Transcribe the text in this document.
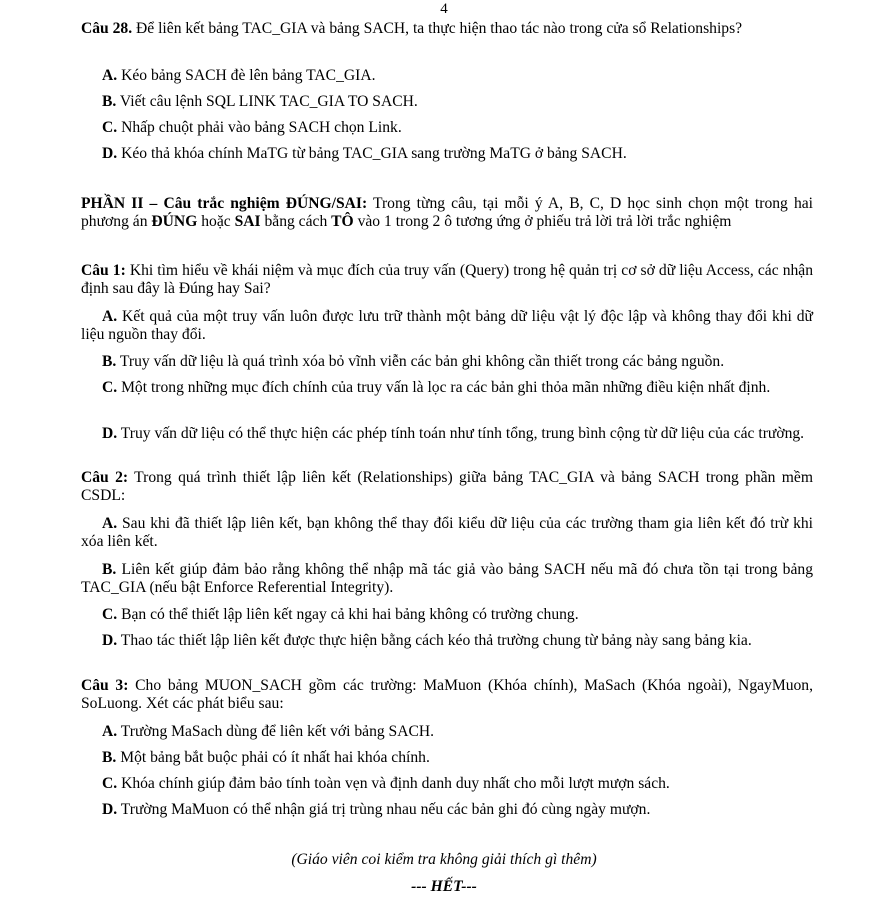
4
Câu 28. Để liên kết bảng TAC_GIA và bảng SACH, ta thực hiện thao tác nào trong cửa sổ Relationships?
A. Kéo bảng SACH đè lên bảng TAC_GIA.
B. Viết câu lệnh SQL LINK TAC_GIA TO SACH.
C. Nhấp chuột phải vào bảng SACH chọn Link.
D. Kéo thả khóa chính MaTG từ bảng TAC_GIA sang trường MaTG ở bảng SACH.
PHẦN II – Câu trắc nghiệm ĐÚNG/SAI: Trong từng câu, tại mỗi ý A, B, C, D học sinh chọn một trong hai phương án ĐÚNG hoặc SAI bằng cách TÔ vào 1 trong 2 ô tương ứng ở phiếu trả lời trả lời trắc nghiệm
Câu 1: Khi tìm hiểu về khái niệm và mục đích của truy vấn (Query) trong hệ quản trị cơ sở dữ liệu Access, các nhận định sau đây là Đúng hay Sai?
A. Kết quả của một truy vấn luôn được lưu trữ thành một bảng dữ liệu vật lý độc lập và không thay đổi khi dữ liệu nguồn thay đổi.
B. Truy vấn dữ liệu là quá trình xóa bỏ vĩnh viễn các bản ghi không cần thiết trong các bảng nguồn.
C. Một trong những mục đích chính của truy vấn là lọc ra các bản ghi thỏa mãn những điều kiện nhất định.
D. Truy vấn dữ liệu có thể thực hiện các phép tính toán như tính tổng, trung bình cộng từ dữ liệu của các trường.
Câu 2: Trong quá trình thiết lập liên kết (Relationships) giữa bảng TAC_GIA và bảng SACH trong phần mềm CSDL:
A. Sau khi đã thiết lập liên kết, bạn không thể thay đổi kiểu dữ liệu của các trường tham gia liên kết đó trừ khi xóa liên kết.
B. Liên kết giúp đảm bảo rằng không thể nhập mã tác giả vào bảng SACH nếu mã đó chưa tồn tại trong bảng TAC_GIA (nếu bật Enforce Referential Integrity).
C. Bạn có thể thiết lập liên kết ngay cả khi hai bảng không có trường chung.
D. Thao tác thiết lập liên kết được thực hiện bằng cách kéo thả trường chung từ bảng này sang bảng kia.
Câu 3: Cho bảng MUON_SACH gồm các trường: MaMuon (Khóa chính), MaSach (Khóa ngoài), NgayMuon, SoLuong. Xét các phát biểu sau:
A. Trường MaSach dùng để liên kết với bảng SACH.
B. Một bảng bắt buộc phải có ít nhất hai khóa chính.
C. Khóa chính giúp đảm bảo tính toàn vẹn và định danh duy nhất cho mỗi lượt mượn sách.
D. Trường MaMuon có thể nhận giá trị trùng nhau nếu các bản ghi đó cùng ngày mượn.
(Giáo viên coi kiểm tra không giải thích gì thêm)
--- HẾT---
